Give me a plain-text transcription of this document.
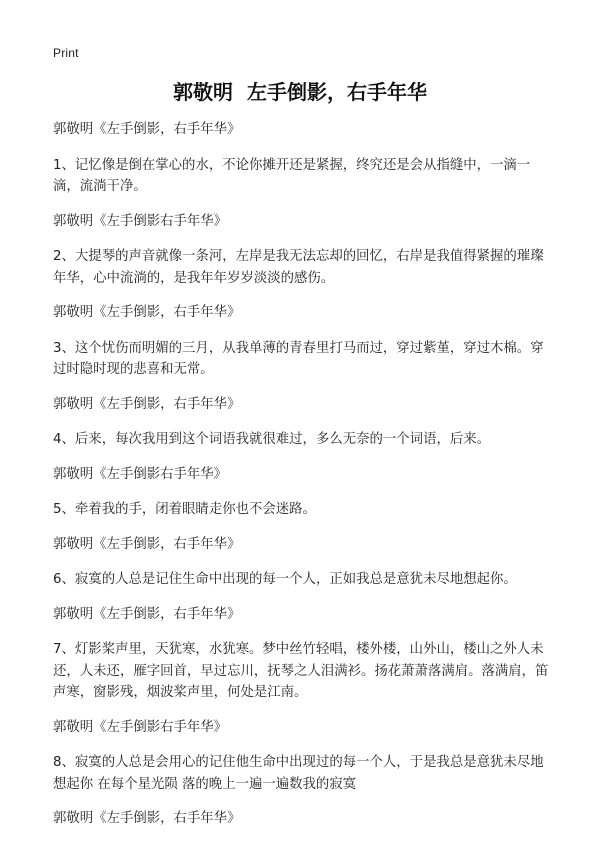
Print
郭敬明  左手倒影，右手年华
郭敬明《左手倒影，右手年华》
1、记忆像是倒在掌心的水，不论你摊开还是紧握，终究还是会从指缝中，一滴一滴，流淌干净。
郭敬明《左手倒影右手年华》
2、大提琴的声音就像一条河，左岸是我无法忘却的回忆，右岸是我值得紧握的璀璨年华，心中流淌的，是我年年岁岁淡淡的感伤。
郭敬明《左手倒影，右手年华》
3、这个忧伤而明媚的三月，从我单薄的青春里打马而过，穿过紫堇，穿过木棉。穿过时隐时现的悲喜和无常。
郭敬明《左手倒影，右手年华》
4、后来，每次我用到这个词语我就很难过，多么无奈的一个词语，后来。
郭敬明《左手倒影右手年华》
5、牵着我的手，闭着眼睛走你也不会迷路。
郭敬明《左手倒影，右手年华》
6、寂寞的人总是记住生命中出现的每一个人，正如我总是意犹未尽地想起你。
郭敬明《左手倒影，右手年华》
7、灯影桨声里，天犹寒，水犹寒。梦中丝竹轻唱，楼外楼，山外山，楼山之外人未还，人未还，雁字回首，早过忘川，抚琴之人泪满衫。扬花萧萧落满肩。落满肩，笛声寒，窗影残，烟波桨声里，何处是江南。
郭敬明《左手倒影右手年华》
8、寂寞的人总是会用心的记住他生命中出现过的每一个人，于是我总是意犹未尽地想起你 在每个星光陨 落的晚上一遍一遍数我的寂寞
郭敬明《左手倒影，右手年华》
